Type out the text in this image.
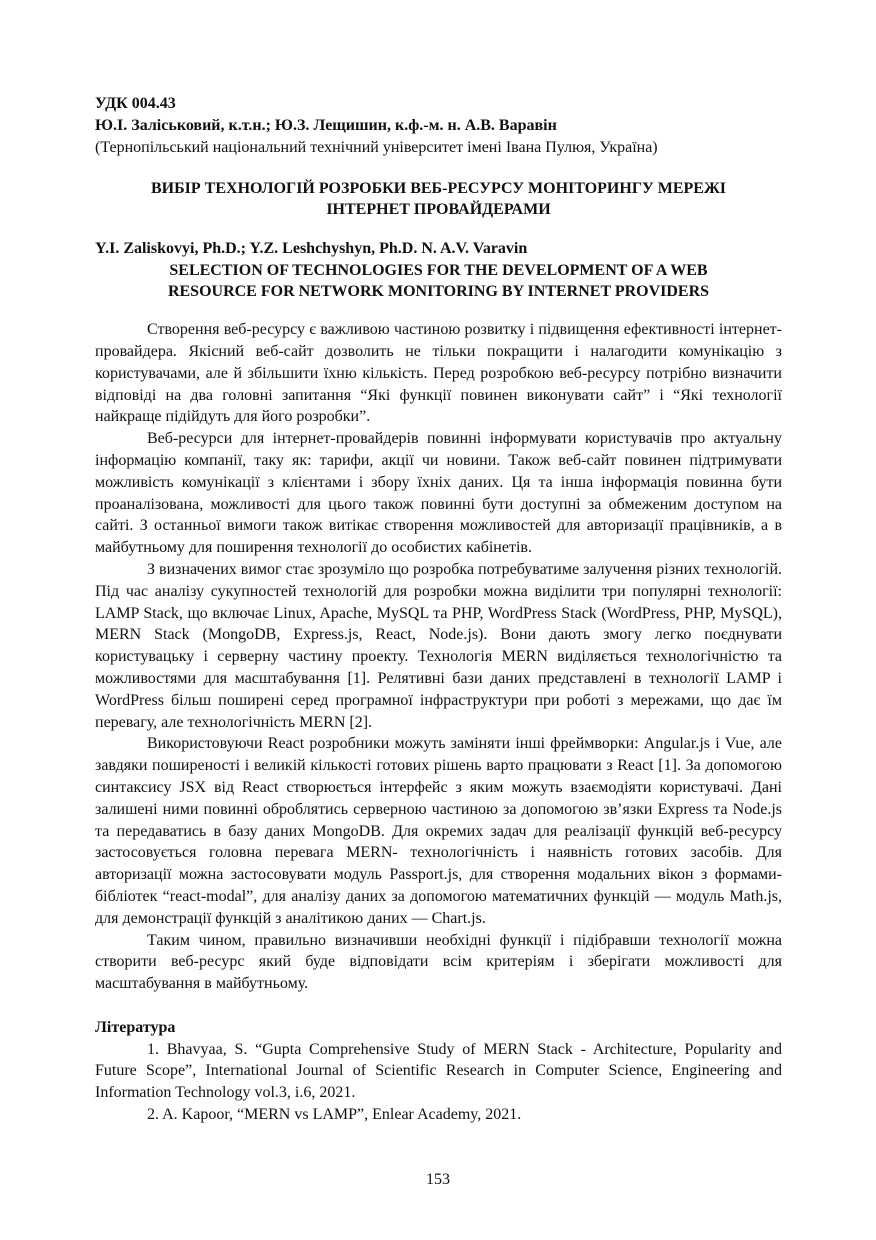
УДК 004.43

Ю.І. Заліськовий, к.т.н.; Ю.З. Лещишин, к.ф.-м. н. А.В. Варавін

(Тернопільський національний технічний університет імені Івана Пулюя, Україна)

ВИБІР ТЕХНОЛОГІЙ РОЗРОБКИ ВЕБ-РЕСУРСУ МОНІТОРИНГУ МЕРЕЖІ
ІНТЕРНЕТ ПРОВАЙДЕРАМИ

Y.I. Zaliskovyi, Ph.D.; Y.Z. Leshchyshyn, Ph.D. N. A.V. Varavin

SELECTION OF TECHNOLOGIES FOR THE DEVELOPMENT OF A WEB
RESOURCE FOR NETWORK MONITORING BY INTERNET PROVIDERS

Створення веб-ресурсу є важливою частиною розвитку і підвищення ефективності інтернет-провайдера. Якісний веб-сайт дозволить не тільки покращити і налагодити комунікацію з користувачами, але й збільшити їхню кількість. Перед розробкою веб-ресурсу потрібно визначити відповіді на два головні запитання “Які функції повинен виконувати сайт” і “Які технології найкраще підійдуть для його розробки”.

Веб-ресурси для інтернет-провайдерів повинні інформувати користувачів про актуальну інформацію компанії, таку як: тарифи, акції чи новини. Також веб-сайт повинен підтримувати можливість комунікації з клієнтами і збору їхніх даних. Ця та інша інформація повинна бути проаналізована, можливості для цього також повинні бути доступні за обмеженим доступом на сайті. З останньої вимоги також витікає створення можливостей для авторизації працівників, а в майбутньому для поширення технології до особистих кабінетів.

З визначених вимог стає зрозуміло що розробка потребуватиме залучення різних технологій. Під час аналізу сукупностей технологій для розробки можна виділити три популярні технології: LAMP Stack, що включає Linux, Apache, MySQL та PHP, WordPress Stack (WordPress, PHP, MySQL), MERN Stack (MongoDB, Express.js, React, Node.js). Вони дають змогу легко поєднувати користувацьку і серверну частину проекту. Технологія MERN виділяється технологічністю та можливостями для масштабування [1]. Релятивні бази даних представлені в технології LAMP і WordPress більш поширені серед програмної інфраструктури при роботі з мережами, що дає їм перевагу, але технологічність MERN [2].

Використовуючи React розробники можуть заміняти інші фреймворки: Angular.js і Vue, але завдяки поширеності і великій кількості готових рішень варто працювати з React [1]. За допомогою синтаксису JSX від React створюється інтерфейс з яким можуть взаємодіяти користувачі. Дані залишені ними повинні оброблятись серверною частиною за допомогою зв’язки Express та Node.js та передаватись в базу даних MongoDB. Для окремих задач для реалізації функцій веб-ресурсу застосовується головна перевага MERN- технологічність і наявність готових засобів. Для авторизації можна застосовувати модуль Passport.js, для створення модальних вікон з формами- бібліотек “react-modal”, для аналізу даних за допомогою математичних функцій — модуль Math.js, для демонстрації функцій з аналітикою даних — Chart.js.

Таким чином, правильно визначивши необхідні функції і підібравши технології можна створити веб-ресурс який буде відповідати всім критеріям і зберігати можливості для масштабування в майбутньому.

Література

1. Bhavyaa, S. “Gupta Comprehensive Study of MERN Stack - Architecture, Popularity and Future Scope”, International Journal of Scientific Research in Computer Science, Engineering and Information Technology vol.3, i.6, 2021.

2. A. Kapoor, “MERN vs LAMP”, Enlear Academy, 2021.

153
